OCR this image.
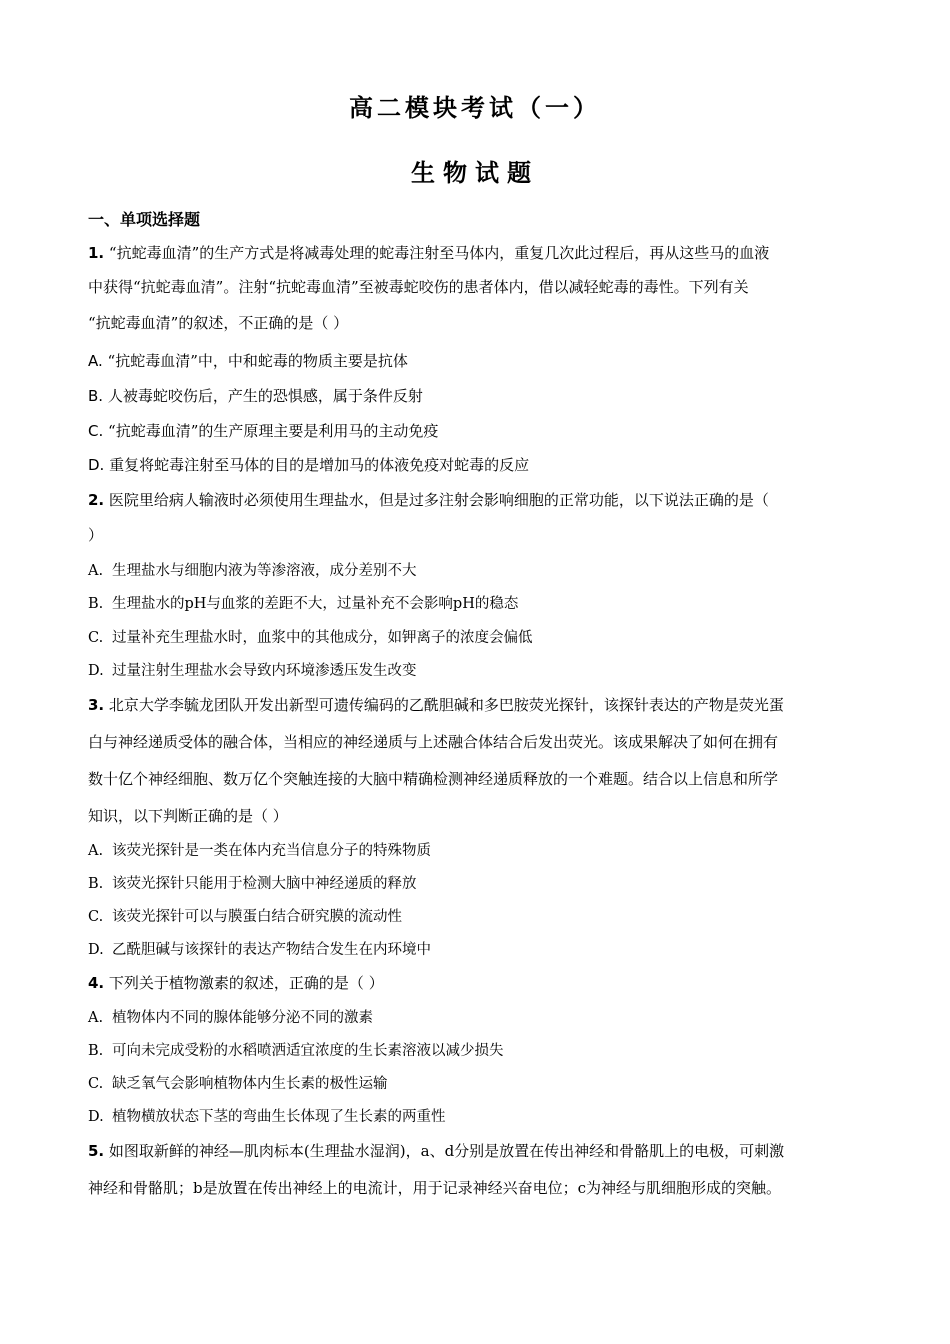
高二模块考试（一）
生物试题
一、单项选择题
1. “抗蛇毒血清”的生产方式是将减毒处理的蛇毒注射至马体内，重复几次此过程后，再从这些马的血液
中获得“抗蛇毒血清”。注射“抗蛇毒血清”至被毒蛇咬伤的患者体内，借以减轻蛇毒的毒性。下列有关
“抗蛇毒血清”的叙述，不正确的是（ ）
A. “抗蛇毒血清”中，中和蛇毒的物质主要是抗体
B. 人被毒蛇咬伤后，产生的恐惧感，属于条件反射
C. “抗蛇毒血清”的生产原理主要是利用马的主动免疫
D. 重复将蛇毒注射至马体的目的是增加马的体液免疫对蛇毒的反应
2. 医院里给病人输液时必须使用生理盐水，但是过多注射会影响细胞的正常功能，以下说法正确的是（
）
A. 生理盐水与细胞内液为等渗溶液，成分差别不大
B. 生理盐水的pH与血浆的差距不大，过量补充不会影响pH的稳态
C. 过量补充生理盐水时，血浆中的其他成分，如钾离子的浓度会偏低
D. 过量注射生理盐水会导致内环境渗透压发生改变
3. 北京大学李毓龙团队开发出新型可遗传编码的乙酰胆碱和多巴胺荧光探针，该探针表达的产物是荧光蛋
白与神经递质受体的融合体，当相应的神经递质与上述融合体结合后发出荧光。该成果解决了如何在拥有
数十亿个神经细胞、数万亿个突触连接的大脑中精确检测神经递质释放的一个难题。结合以上信息和所学
知识，以下判断正确的是（ ）
A. 该荧光探针是一类在体内充当信息分子的特殊物质
B. 该荧光探针只能用于检测大脑中神经递质的释放
C. 该荧光探针可以与膜蛋白结合研究膜的流动性
D. 乙酰胆碱与该探针的表达产物结合发生在内环境中
4. 下列关于植物激素的叙述，正确的是（ ）
A. 植物体内不同的腺体能够分泌不同的激素
B. 可向未完成受粉的水稻喷洒适宜浓度的生长素溶液以减少损失
C. 缺乏氧气会影响植物体内生长素的极性运输
D. 植物横放状态下茎的弯曲生长体现了生长素的两重性
5. 如图取新鲜的神经—肌肉标本(生理盐水湿润)，a、d分别是放置在传出神经和骨骼肌上的电极，可刺激
神经和骨骼肌；b是放置在传出神经上的电流计，用于记录神经兴奋电位；c为神经与肌细胞形成的突触。
